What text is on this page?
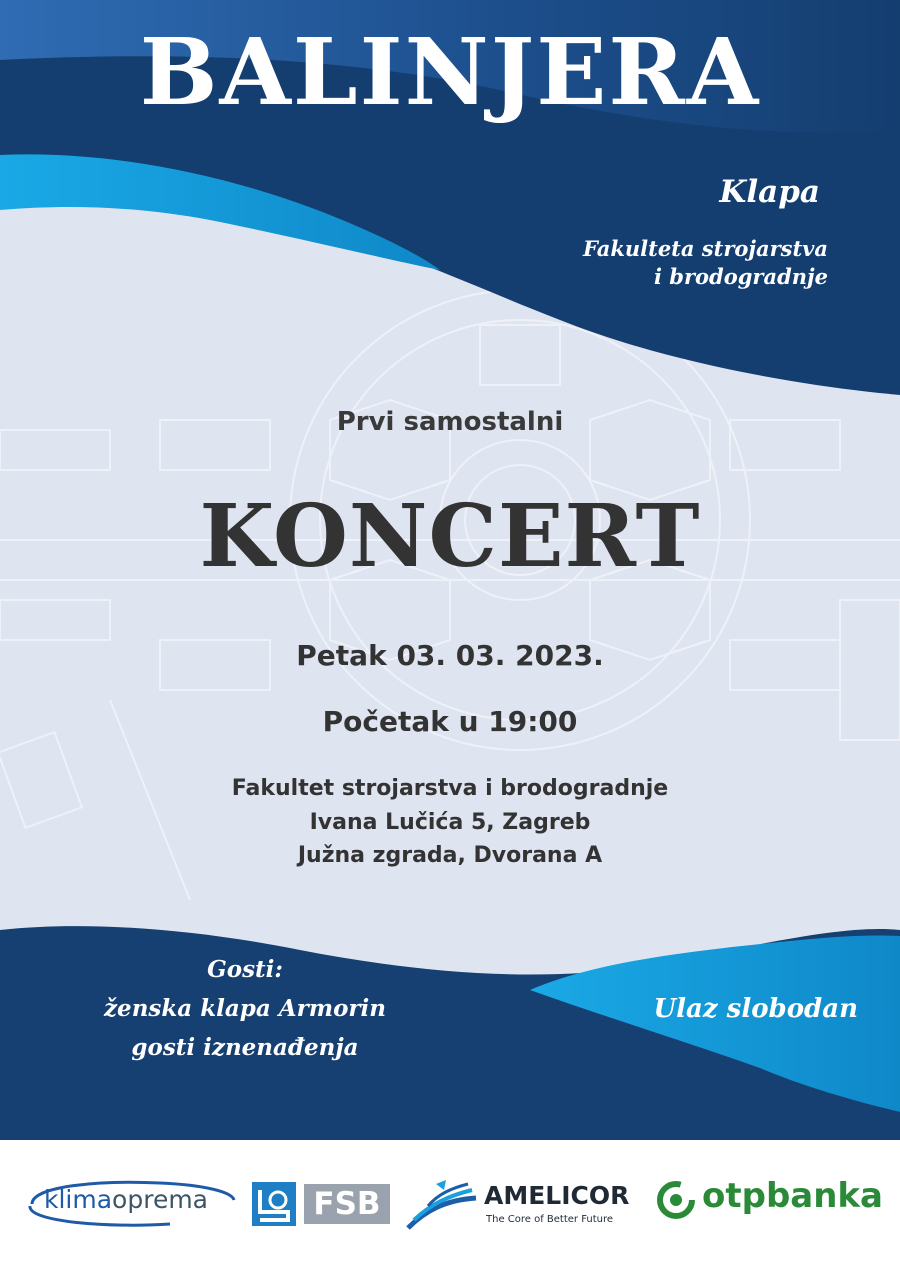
BALINJERA

Klapa

Fakulteta strojarstva

i brodogradnje

Prvi samostalni

KONCERT

Petak 03. 03. 2023.

Početak u 19:00

Fakultet strojarstva i brodogradnje

Ivana Lučića 5, Zagreb

Južna zgrada, Dvorana A

Gosti:

ženska klapa Armorin

gosti iznenađenja

Ulaz slobodan

klimaoprema	FSB	AMELICOR
The Core of Better Future
otpbanka
